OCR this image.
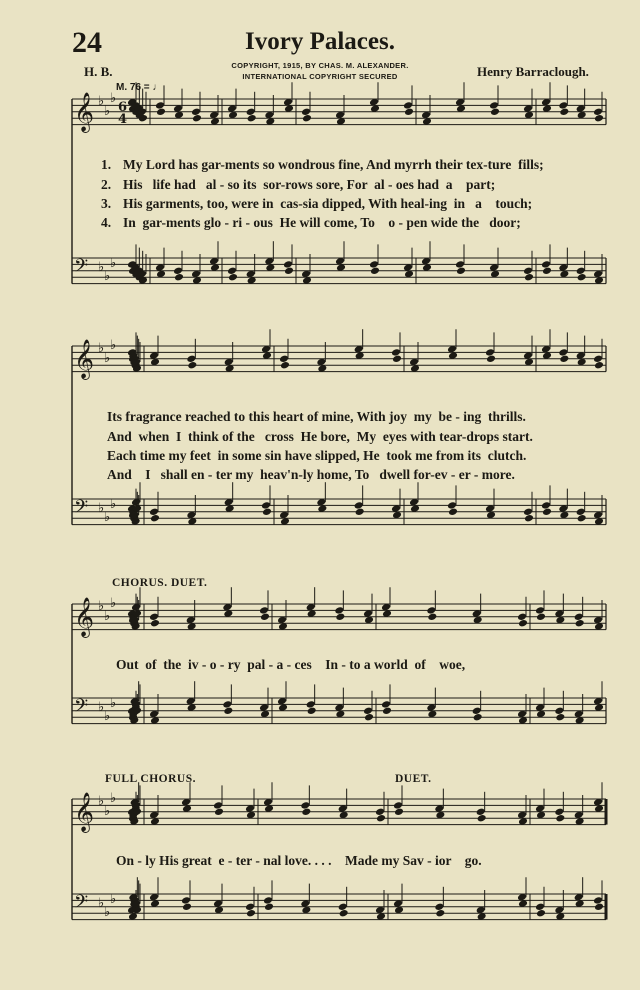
24	Ivory Palaces.
COPYRIGHT, 1915, BY CHAS. M. ALEXANDER.
INTERNATIONAL COPYRIGHT SECURED
H. B.	Henry Barraclough.
M. 76 = ♩
𝄞 ♭
♭
♭
𝄢 ♭
♭
♭
𝄞 ♭
♭
♭
𝄢 ♭
♭
♭
𝄞 ♭
♭
♭
𝄢 ♭
♭
♭
𝄞 ♭
♭
♭
𝄢 ♭
♭
♭
6
4
1. My Lord has gar-ments so wondrous fine, And myrrh their tex-ture  fills;
2. His   life had   al - so its  sor-rows sore, For  al - oes had  a    part;
3. His garments, too, were in  cas-sia dipped, With heal-ing  in   a    touch;
4. In  gar-ments glo - ri - ous  He will come, To    o - pen wide the   door;
Its fragrance reached to this heart of mine, With joy  my  be - ing  thrills.
And  when  I  think of the   cross  He bore,  My  eyes with tear-drops start.
Each time my feet  in some sin have slipped, He  took me from its  clutch.
And    I   shall en - ter my  heav'n-ly home, To   dwell for-ev - er - more.
CHORUS. DUET.
Out  of  the  iv - o - ry  pal - a - ces    In - to a world  of    woe,
FULL CHORUS.	DUET.
On - ly His great  e - ter - nal love. . . .    Made my Sav - ior    go.
